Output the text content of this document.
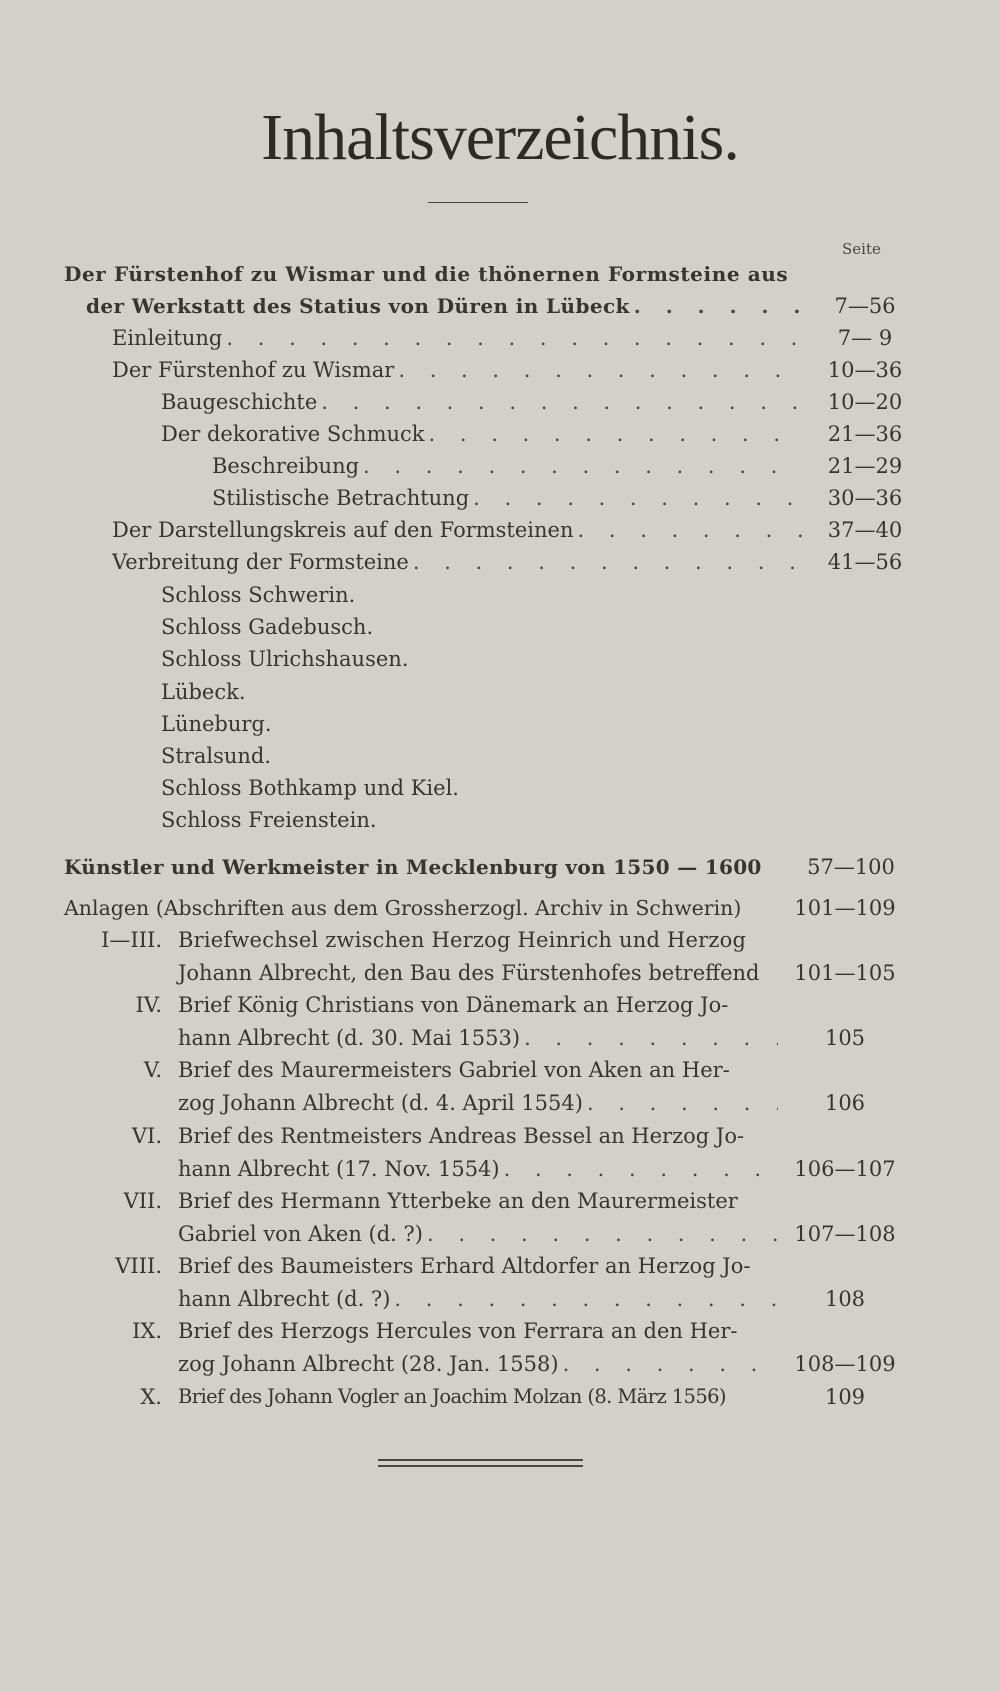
Inhaltsverzeichnis.
Seite
Der Fürstenhof zu Wismar und die thönernen Formsteine aus
der Werkstatt des Statius von Düren in Lübeck . . .	7—56
Einleitung . . .	7— 9
Der Fürstenhof zu Wismar . . .	10—36
Baugeschichte . . .	10—20
Der dekorative Schmuck . . .	21—36
Beschreibung . . .	21—29
Stilistische Betrachtung . . .	30—36
Der Darstellungskreis auf den Formsteinen . . .	37—40
Verbreitung der Formsteine . . .	41—56
Schloss Schwerin.
Schloss Gadebusch.
Schloss Ulrichshausen.
Lübeck.
Lüneburg.
Stralsund.
Schloss Bothkamp und Kiel.
Schloss Freienstein.
Künstler und Werkmeister in Mecklenburg von 1550 — 1600	57—100
Anlagen (Abschriften aus dem Grossherzogl. Archiv in Schwerin)	101—109
I—III. Briefwechsel zwischen Herzog Heinrich und Herzog
Johann Albrecht, den Bau des Fürstenhofes betreffend 101—105
IV. Brief König Christians von Dänemark an Herzog Jo-
hann Albrecht (d. 30. Mai 1553) . . .	105
V. Brief des Maurermeisters Gabriel von Aken an Her-
zog Johann Albrecht (d. 4. April 1554) . . .	106
VI. Brief des Rentmeisters Andreas Bessel an Herzog Jo-
hann Albrecht (17. Nov. 1554) . . .	106—107
VII. Brief des Hermann Ytterbeke an den Maurermeister
Gabriel von Aken (d. ?) . . .	107—108
VIII. Brief des Baumeisters Erhard Altdorfer an Herzog Jo-
hann Albrecht (d. ?) . . .	108
IX. Brief des Herzogs Hercules von Ferrara an den Her-
zog Johann Albrecht (28. Jan. 1558) . . .	108—109
X. Brief des Johann Vogler an Joachim Molzan (8. März 1556)	109
